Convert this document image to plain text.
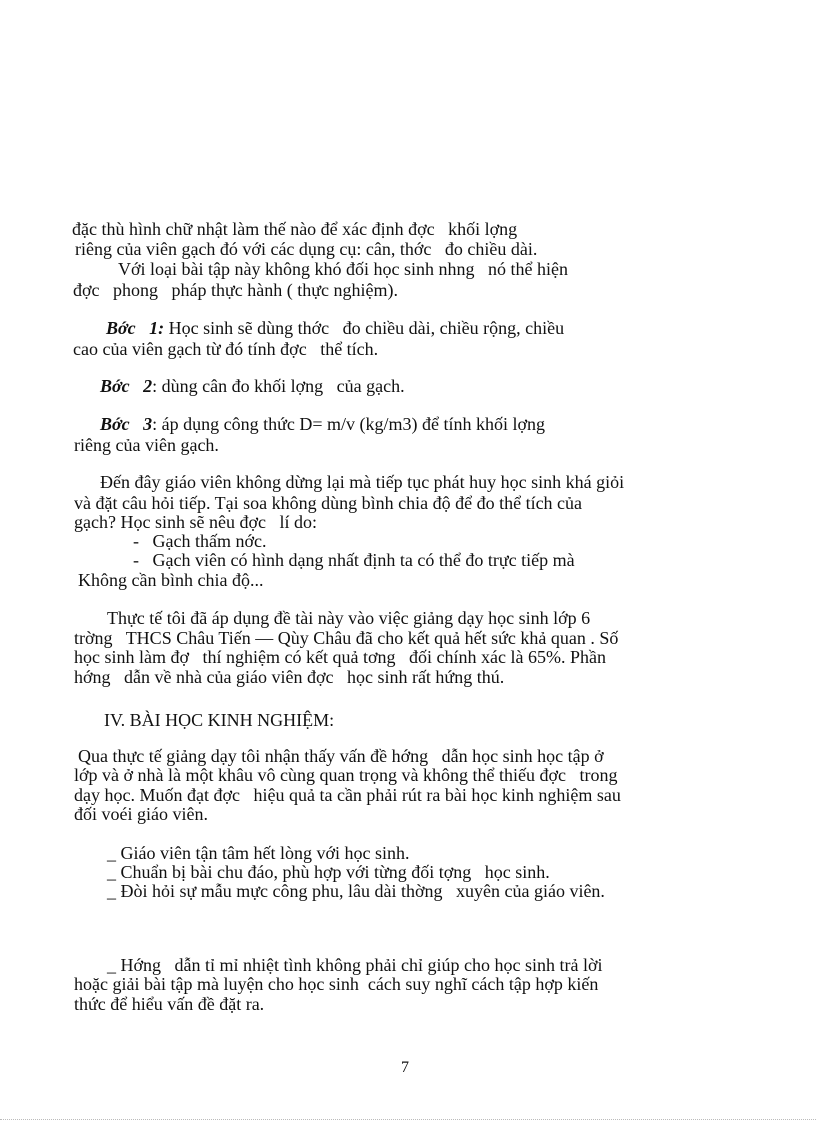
đặc thù hình chữ nhật làm thế nào để xác định đợc   khối lợng
riêng của viên gạch đó với các dụng cụ: cân, thớc   đo chiều dài.
Với loại bài tập này không khó đối học sinh nhng   nó thể hiện
đợc   phong   pháp thực hành ( thực nghiệm).
Bớc   1: Học sinh sẽ dùng thớc   đo chiều dài, chiều rộng, chiều
cao của viên gạch từ đó tính đợc   thể tích.
Bớc   2: dùng cân đo khối lợng   của gạch.
Bớc   3: áp dụng công thức D= m/v (kg/m3) để tính khối lợng
riêng của viên gạch.
Đến đây giáo viên không dừng lại mà tiếp tục phát huy học sinh khá giỏi
và đặt câu hỏi tiếp. Tại soa không dùng bình chia độ để đo thể tích của
gạch? Học sinh sẽ nêu đợc   lí do:
-   Gạch thấm nớc.
-   Gạch viên có hình dạng nhất định ta có thể đo trực tiếp mà
Không cần bình chia độ...
Thực tế tôi đã áp dụng đề tài này vào việc giảng dạy học sinh lớp 6
trờng   THCS Châu Tiến — Qùy Châu đã cho kết quả hết sức khả quan . Số
học sinh làm đợ   thí nghiệm có kết quả tơng   đối chính xác là 65%. Phần
hớng   dẫn về nhà của giáo viên đợc   học sinh rất hứng thú.
IV. BÀI HỌC KINH NGHIỆM:
Qua thực tế giảng dạy tôi nhận thấy vấn đề hớng   dẫn học sinh học tập ở
lớp và ở nhà là một khâu vô cùng quan trọng và không thể thiếu đợc   trong
dạy học. Muốn đạt đợc   hiệu quả ta cần phải rút ra bài học kinh nghiệm sau
đối voéi giáo viên.
_ Giáo viên tận tâm hết lòng với học sinh.
_ Chuẩn bị bài chu đáo, phù hợp với từng đối tợng   học sinh.
_ Đòi hỏi sự mẫu mực công phu, lâu dài thờng   xuyên của giáo viên.
_ Hớng   dẫn tỉ mỉ nhiệt tình không phải chỉ giúp cho học sinh trả lời
hoặc giải bài tập mà luyện cho học sinh  cách suy nghĩ cách tập hợp kiến
thức để hiểu vấn đề đặt ra.
7
